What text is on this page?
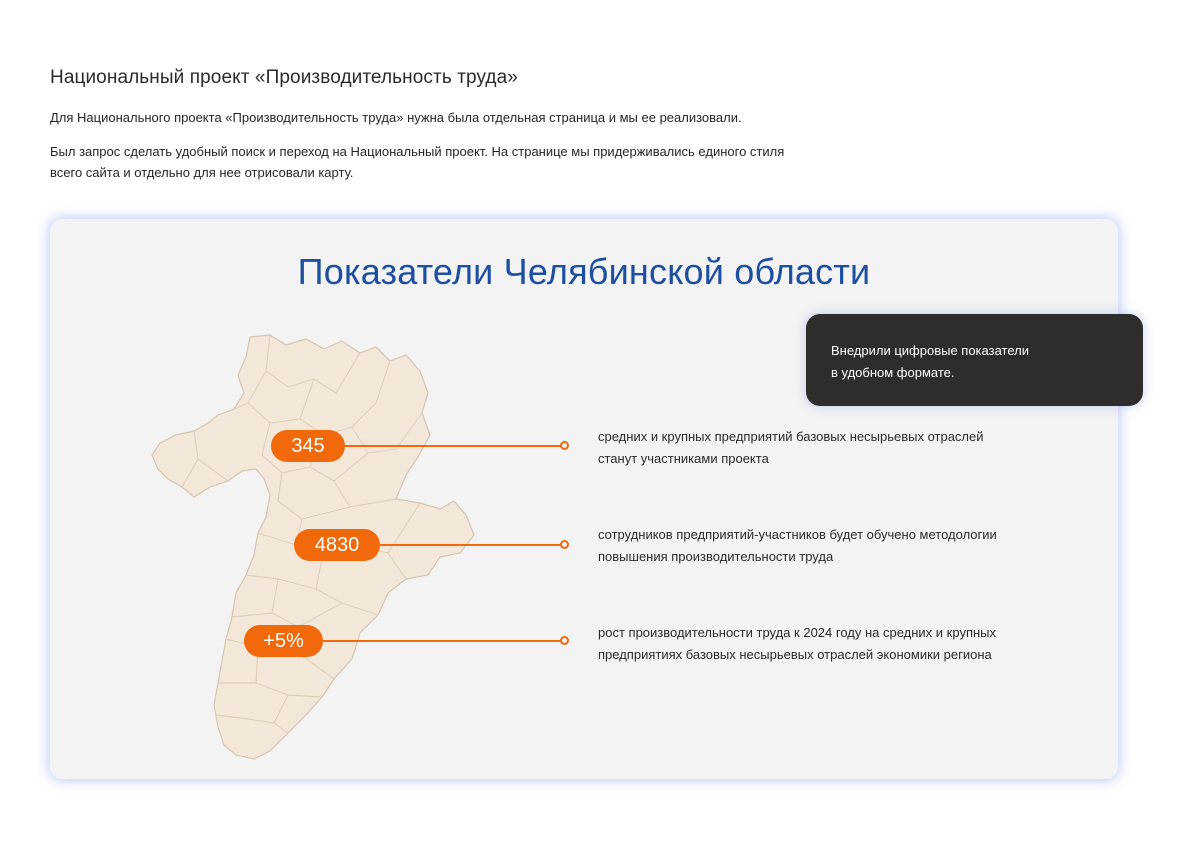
Национальный проект «Производительность труда»

Для Национального проекта «Производительность труда» нужна была отдельная страница и мы ее реализовали.

Был запрос сделать удобный поиск и переход на Национальный проект. На странице мы придерживались единого стиля всего сайта и отдельно для нее отрисовали карту.

Показатели Челябинской области
345	средних и крупных предприятий базовых несырьевых отраслей
станут участниками проекта
4830	сотрудников предприятий-участников будет обучено методологии
повышения производительности труда
+5%	рост производительности труда к 2024 году на средних и крупных
предприятиях базовых несырьевых отраслей экономики региона
Внедрили цифровые показатели
в удобном формате.
